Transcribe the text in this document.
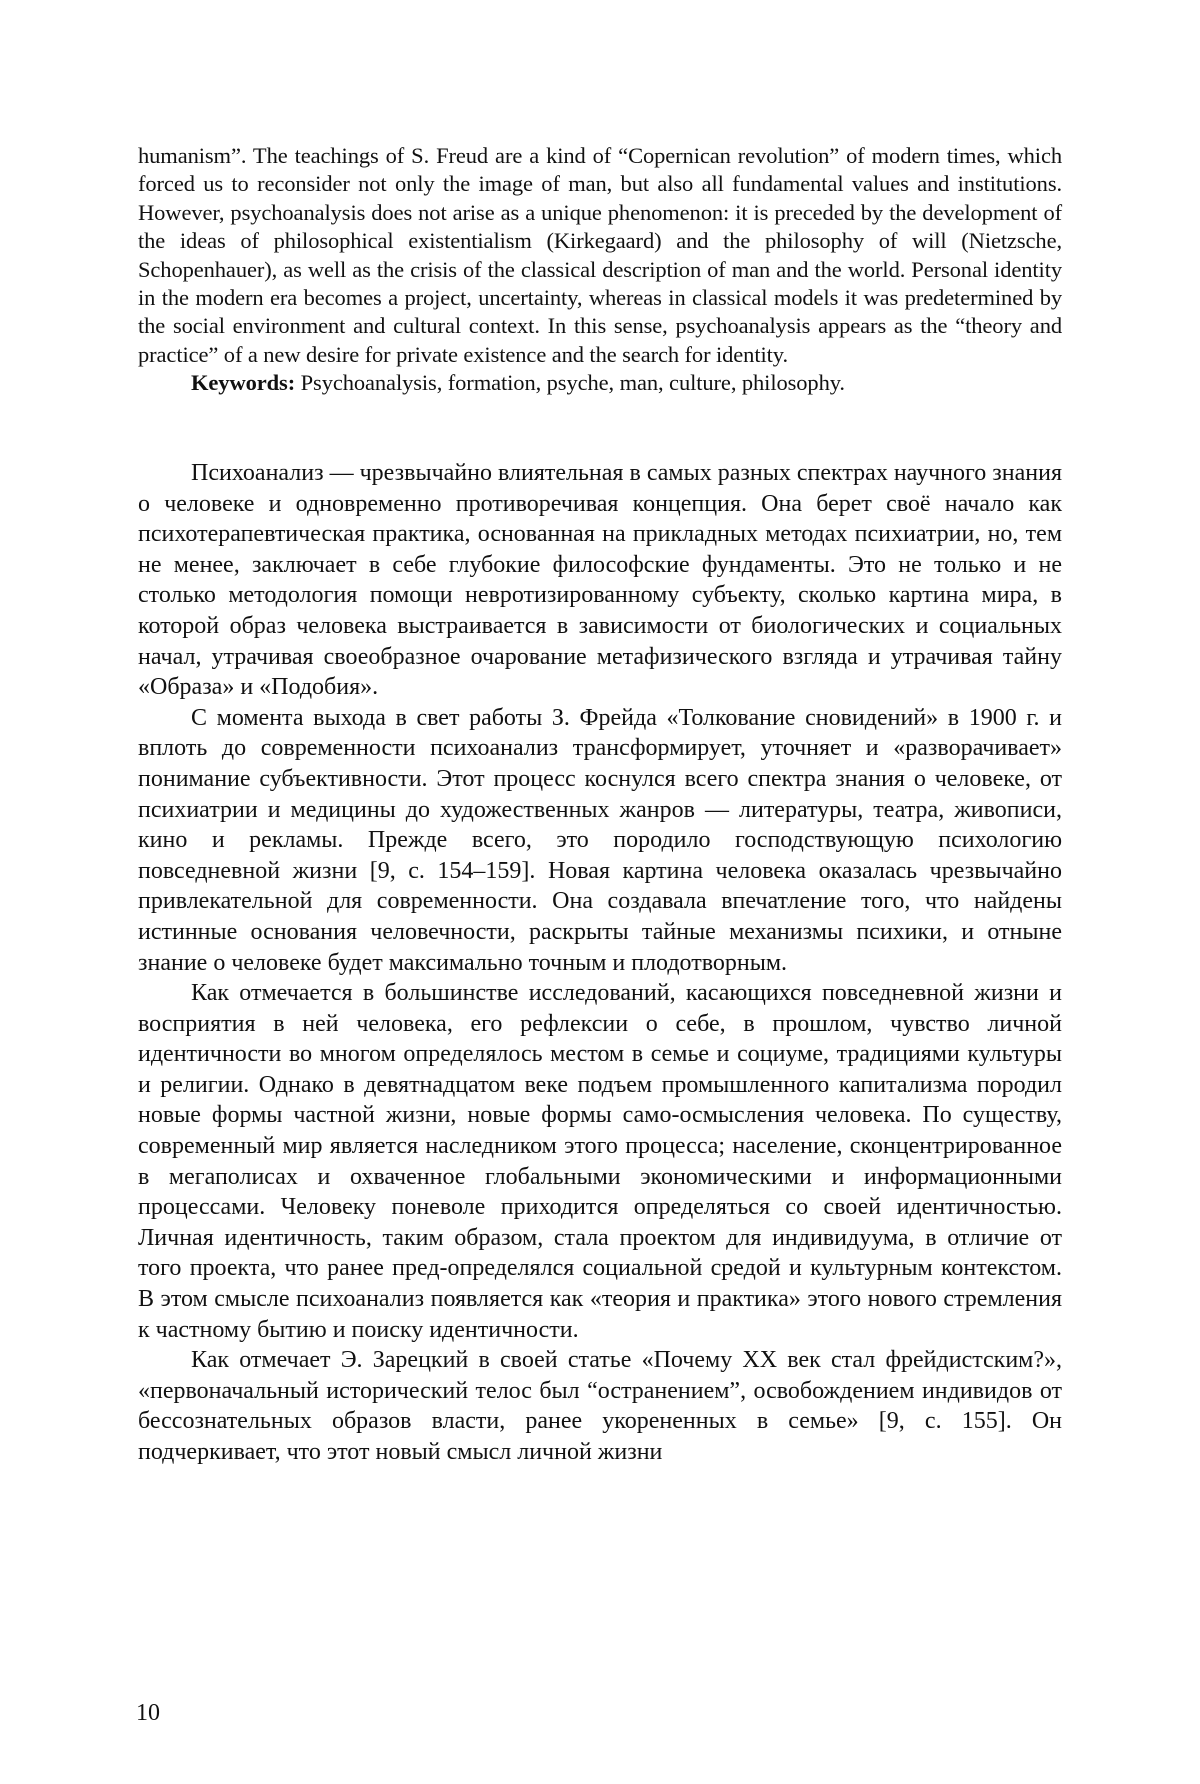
humanism”. The teachings of S. Freud are a kind of “Copernican revolution” of modern times, which forced us to reconsider not only the image of man, but also all fundamental values and institutions. However, psychoanalysis does not arise as a unique phenomenon: it is preceded by the development of the ideas of philosophical existentialism (Kirkegaard) and the philosophy of will (Nietzsche, Schopenhauer), as well as the crisis of the classical description of man and the world. Personal identity in the modern era becomes a project, uncertainty, whereas in classical models it was predetermined by the social environment and cultural context. In this sense, psychoanalysis appears as the “theory and practice” of a new desire for private existence and the search for identity.

Keywords: Psychoanalysis, formation, psyche, man, culture, philosophy.

Психоанализ — чрезвычайно влиятельная в самых разных спектрах научного знания о человеке и одновременно противоречивая концепция. Она берет своё начало как психотерапевтическая практика, основанная на прикладных методах психиатрии, но, тем не менее, заключает в себе глубокие философские фундаменты. Это не только и не столько методология помощи невротизированному субъекту, сколько картина мира, в которой образ человека выстраивается в зависимости от биологических и социальных начал, утрачивая своеобразное очарование метафизического взгляда и утрачивая тайну «Образа» и «Подобия».

С момента выхода в свет работы З. Фрейда «Толкование сновидений» в 1900 г. и вплоть до современности психоанализ трансформирует, уточняет и «разворачивает» понимание субъективности. Этот процесс коснулся всего спектра знания о человеке, от психиатрии и медицины до художественных жанров — литературы, театра, живописи, кино и рекламы. Прежде всего, это породило господствующую психологию повседневной жизни [9, с. 154–159]. Новая картина человека оказалась чрезвычайно привлекательной для современности. Она создавала впечатление того, что найдены истинные основания человечности, раскрыты тайные механизмы психики, и отныне знание о человеке будет максимально точным и плодотворным.

Как отмечается в большинстве исследований, касающихся повседневной жизни и восприятия в ней человека, его рефлексии о себе, в прошлом, чувство личной идентичности во многом определялось местом в семье и социуме, традициями культуры и религии. Однако в девятнадцатом веке подъем промышленного капитализма породил новые формы частной жизни, новые формы само-осмысления человека. По существу, современный мир является наследником этого процесса; население, сконцентрированное в мегаполисах и охваченное глобальными экономическими и информационными процессами. Человеку поневоле приходится определяться со своей идентичностью. Личная идентичность, таким образом, стала проектом для индивидуума, в отличие от того проекта, что ранее пред-определялся социальной средой и культурным контекстом. В этом смысле психоанализ появляется как «теория и практика» этого нового стремления к частному бытию и поиску идентичности.

Как отмечает Э. Зарецкий в своей статье «Почему XX век стал фрейдистским?», «первоначальный исторический телос был “остранением”, освобождением индивидов от бессознательных образов власти, ранее укорененных в семье» [9, с. 155]. Он подчеркивает, что этот новый смысл личной жизни

10
